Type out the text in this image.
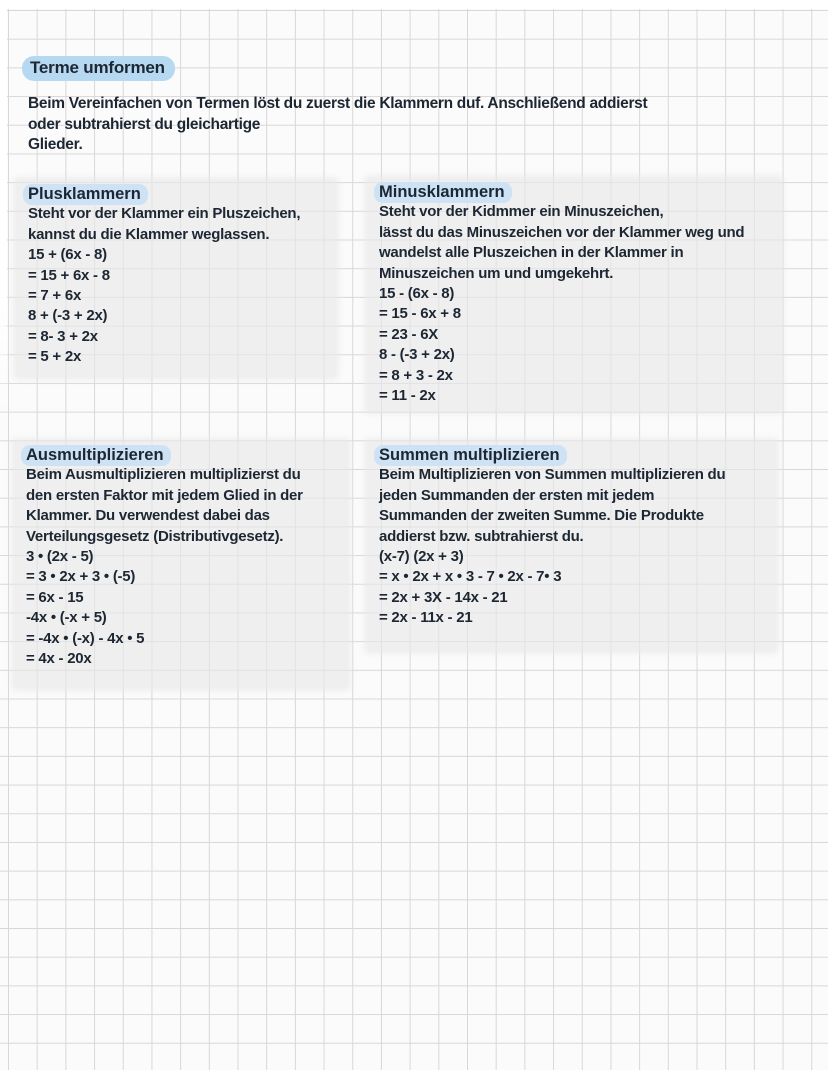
Terme umformen
Beim Vereinfachen von Termen löst du zuerst die Klammern duf. Anschließend addierst
oder subtrahierst du gleichartige
Glieder.
Plusklammern
Steht vor der Klammer ein Pluszeichen,
kannst du die Klammer weglassen.
15 + (6x - 8)
= 15 + 6x - 8
= 7 + 6x
8 + (-3 + 2x)
= 8- 3 + 2x
= 5 + 2x
Minusklammern
Steht vor der Kidmmer ein Minuszeichen,
lässt du das Minuszeichen vor der Klammer weg und
wandelst alle Pluszeichen in der Klammer in
Minuszeichen um und umgekehrt.
15 - (6x - 8)
= 15 - 6x + 8
= 23 - 6X
8 - (-3 + 2x)
= 8 + 3 - 2x
= 11 - 2x
Ausmultiplizieren
Beim Ausmultiplizieren multiplizierst du
den ersten Faktor mit jedem Glied in der
Klammer. Du verwendest dabei das
Verteilungsgesetz (Distributivgesetz).
3 • (2x - 5)
= 3 • 2x + 3 • (-5)
= 6x - 15
-4x • (-x + 5)
= -4x • (-x) - 4x • 5
= 4x - 20x
Summen multiplizieren
Beim Multiplizieren von Summen multiplizieren du
jeden Summanden der ersten mit jedem
Summanden der zweiten Summe. Die Produkte
addierst bzw. subtrahierst du.
(x-7) (2x + 3)
= x • 2x + x • 3 - 7 • 2x - 7• 3
= 2x + 3X - 14x - 21
= 2x - 11x - 21
